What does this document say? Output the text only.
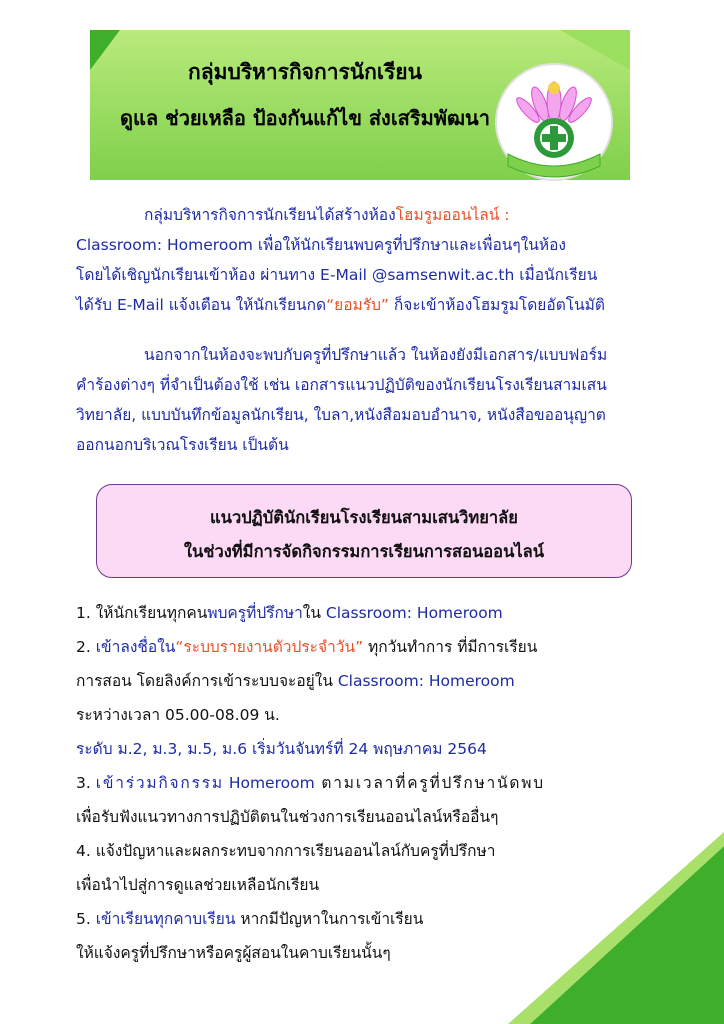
กลุ่มบริหารกิจการนักเรียน
ดูแล ช่วยเหลือ ป้องกันแก้ไข ส่งเสริมพัฒนา
กลุ่มบริหารกิจการนักเรียนได้สร้างห้องโฮมรูมออนไลน์ :
Classroom: Homeroom เพื่อให้นักเรียนพบครูที่ปรึกษาและเพื่อนๆในห้อง
โดยได้เชิญนักเรียนเข้าห้อง ผ่านทาง E-Mail @samsenwit.ac.th เมื่อนักเรียน
ได้รับ E-Mail แจ้งเตือน ให้นักเรียนกด“ยอมรับ” ก็จะเข้าห้องโฮมรูมโดยอัตโนมัติ
นอกจากในห้องจะพบกับครูที่ปรึกษาแล้ว ในห้องยังมีเอกสาร/แบบฟอร์ม
คำร้องต่างๆ ที่จำเป็นต้องใช้ เช่น เอกสารแนวปฏิบัติของนักเรียนโรงเรียนสามเสน
วิทยาลัย, แบบบันทึกข้อมูลนักเรียน, ใบลา,หนังสือมอบอำนาจ, หนังสือขออนุญาต
ออกนอกบริเวณโรงเรียน เป็นต้น
แนวปฏิบัตินักเรียนโรงเรียนสามเสนวิทยาลัย
ในช่วงที่มีการจัดกิจกรรมการเรียนการสอนออนไลน์
1. ให้นักเรียนทุกคนพบครูที่ปรึกษาใน Classroom: Homeroom
2. เข้าลงชื่อใน“ระบบรายงานตัวประจำวัน” ทุกวันทำการ ที่มีการเรียน
การสอน โดยลิงค์การเข้าระบบจะอยู่ใน Classroom: Homeroom
ระหว่างเวลา 05.00-08.09 น.
ระดับ ม.2, ม.3, ม.5, ม.6 เริ่มวันจันทร์ที่ 24 พฤษภาคม 2564
3. เข้าร่วมกิจกรรม Homeroom ตามเวลาที่ครูที่ปรึกษานัดพบ
เพื่อรับฟังแนวทางการปฏิบัติตนในช่วงการเรียนออนไลน์หรืออื่นๆ
4. แจ้งปัญหาและผลกระทบจากการเรียนออนไลน์กับครูที่ปรึกษา
เพื่อนำไปสู่การดูแลช่วยเหลือนักเรียน
5. เข้าเรียนทุกคาบเรียน หากมีปัญหาในการเข้าเรียน
ให้แจ้งครูที่ปรึกษาหรือครูผู้สอนในคาบเรียนนั้นๆ
